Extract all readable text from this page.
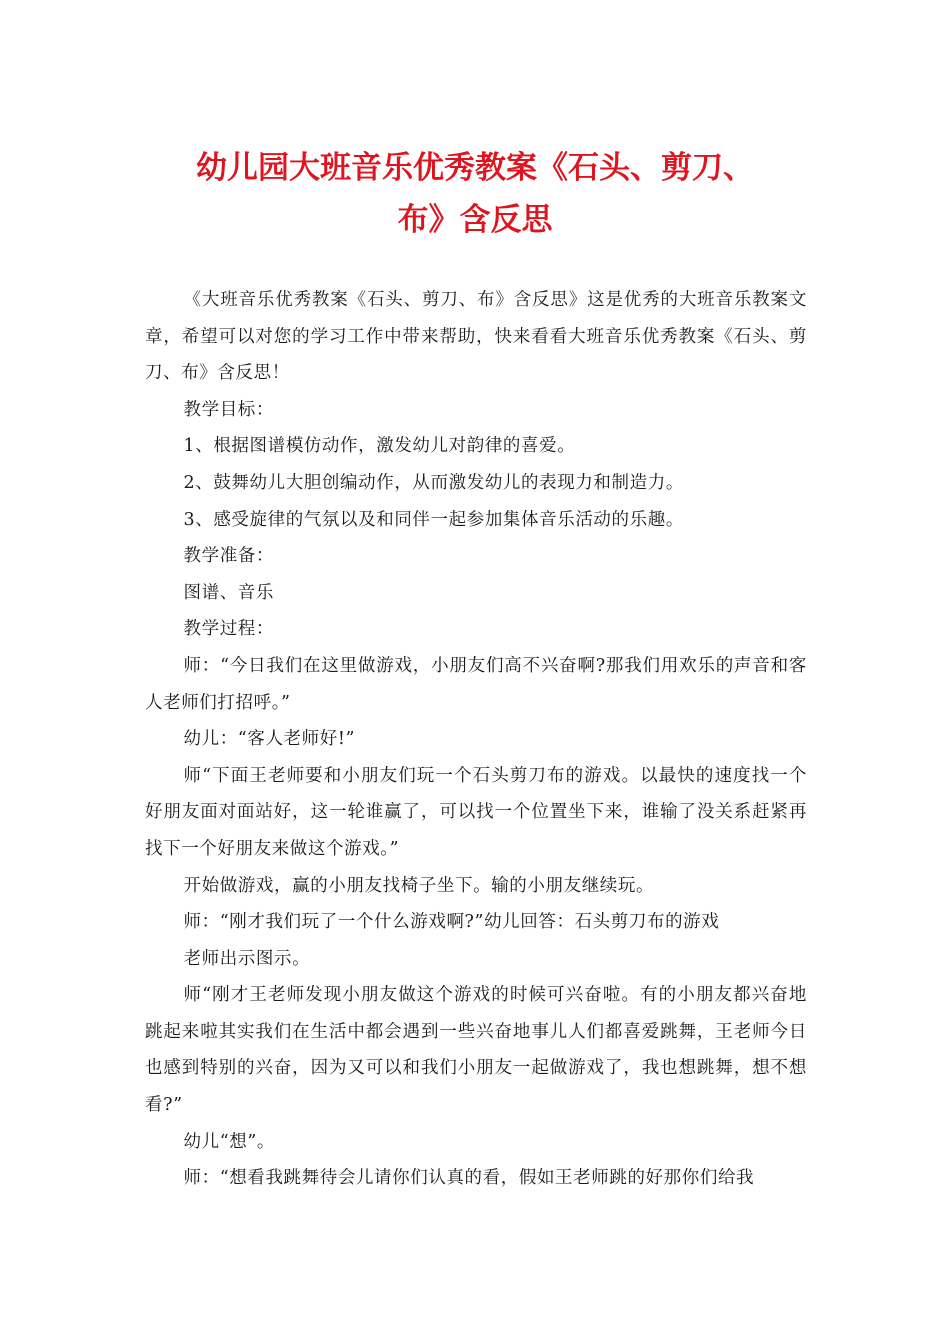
幼儿园大班音乐优秀教案《石头、剪刀、
布》含反思

《大班音乐优秀教案《石头、剪刀、布》含反思》这是优秀的大班音乐教案文章，希望可以对您的学习工作中带来帮助，快来看看大班音乐优秀教案《石头、剪刀、布》含反思！

教学目标：

1、根据图谱模仿动作，激发幼儿对韵律的喜爱。

2、鼓舞幼儿大胆创编动作，从而激发幼儿的表现力和制造力。

3、感受旋律的气氛以及和同伴一起参加集体音乐活动的乐趣。

教学准备：

图谱、音乐

教学过程：

师：“今日我们在这里做游戏，小朋友们高不兴奋啊?那我们用欢乐的声音和客人老师们打招呼。”

幼儿：“客人老师好!”

师“下面王老师要和小朋友们玩一个石头剪刀布的游戏。以最快的速度找一个好朋友面对面站好，这一轮谁赢了，可以找一个位置坐下来，谁输了没关系赶紧再找下一个好朋友来做这个游戏。”

开始做游戏，赢的小朋友找椅子坐下。输的小朋友继续玩。

师：“刚才我们玩了一个什么游戏啊?”幼儿回答：石头剪刀布的游戏

老师出示图示。

师“刚才王老师发现小朋友做这个游戏的时候可兴奋啦。有的小朋友都兴奋地跳起来啦其实我们在生活中都会遇到一些兴奋地事儿人们都喜爱跳舞，王老师今日也感到特别的兴奋，因为又可以和我们小朋友一起做游戏了，我也想跳舞，想不想看?”

幼儿“想”。

师：“想看我跳舞待会儿请你们认真的看，假如王老师跳的好那你们给我
